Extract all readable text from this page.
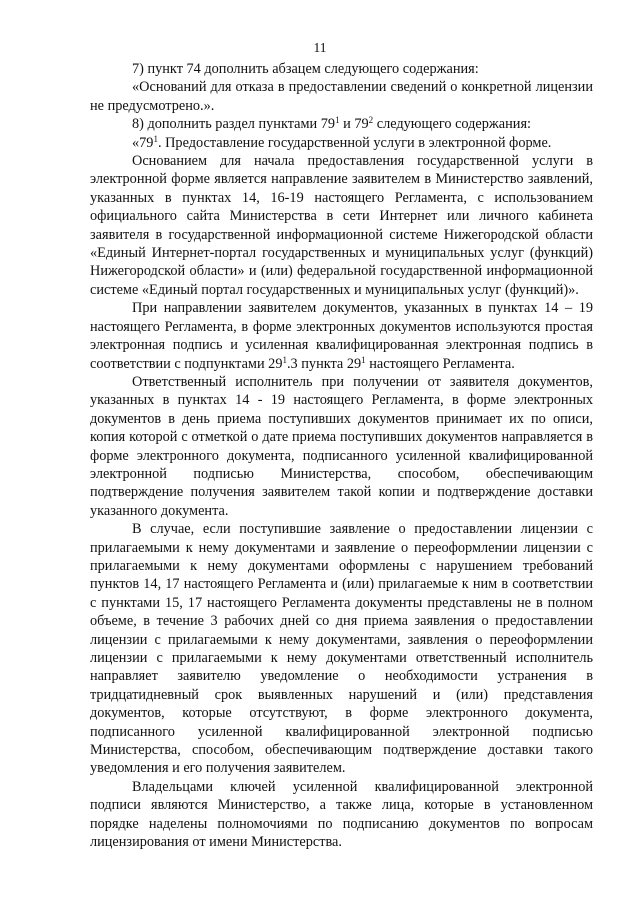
11

7) пункт 74 дополнить абзацем следующего содержания:

«Оснований для отказа в предоставлении сведений о конкретной лицензии не предусмотрено.».

8) дополнить раздел пунктами $79^1$ и $79^2$ следующего содержания:

«$79^1$. Предоставление государственной услуги в электронной форме.

Основанием для начала предоставления государственной услуги в электронной форме является направление заявителем в Министерство заявлений, указанных в пунктах 14, 16-19 настоящего Регламента, с использованием официального сайта Министерства в сети Интернет или личного кабинета заявителя в государственной информационной системе Нижегородской области «Единый Интернет-портал государственных и муниципальных услуг (функций) Нижегородской области» и (или) федеральной государственной информационной системе «Единый портал государственных и муниципальных услуг (функций)».

При направлении заявителем документов, указанных в пунктах 14 – 19 настоящего Регламента, в форме электронных документов используются простая электронная подпись и усиленная квалифицированная электронная подпись в соответствии с подпунктами $29^1.3$ пункта $29^1$ настоящего Регламента.

Ответственный исполнитель при получении от заявителя документов, указанных в пунктах 14 - 19 настоящего Регламента, в форме электронных документов в день приема поступивших документов принимает их по описи, копия которой с отметкой о дате приема поступивших документов направляется в форме электронного документа, подписанного усиленной квалифицированной электронной подписью Министерства, способом, обеспечивающим подтверждение получения заявителем такой копии и подтверждение доставки указанного документа.

В случае, если поступившие заявление о предоставлении лицензии с прилагаемыми к нему документами и заявление о переоформлении лицензии с прилагаемыми к нему документами оформлены с нарушением требований пунктов 14, 17 настоящего Регламента и (или) прилагаемые к ним в соответствии с пунктами 15, 17 настоящего Регламента документы представлены не в полном объеме, в течение 3 рабочих дней со дня приема заявления о предоставлении лицензии с прилагаемыми к нему документами, заявления о переоформлении лицензии с прилагаемыми к нему документами ответственный исполнитель направляет заявителю уведомление о необходимости устранения в тридцатидневный срок выявленных нарушений и (или) представления документов, которые отсутствуют, в форме электронного документа, подписанного усиленной квалифицированной электронной подписью Министерства, способом, обеспечивающим подтверждение доставки такого уведомления и его получения заявителем.

Владельцами ключей усиленной квалифицированной электронной подписи являются Министерство, а также лица, которые в установленном порядке наделены полномочиями по подписанию документов по вопросам лицензирования от имени Министерства.
